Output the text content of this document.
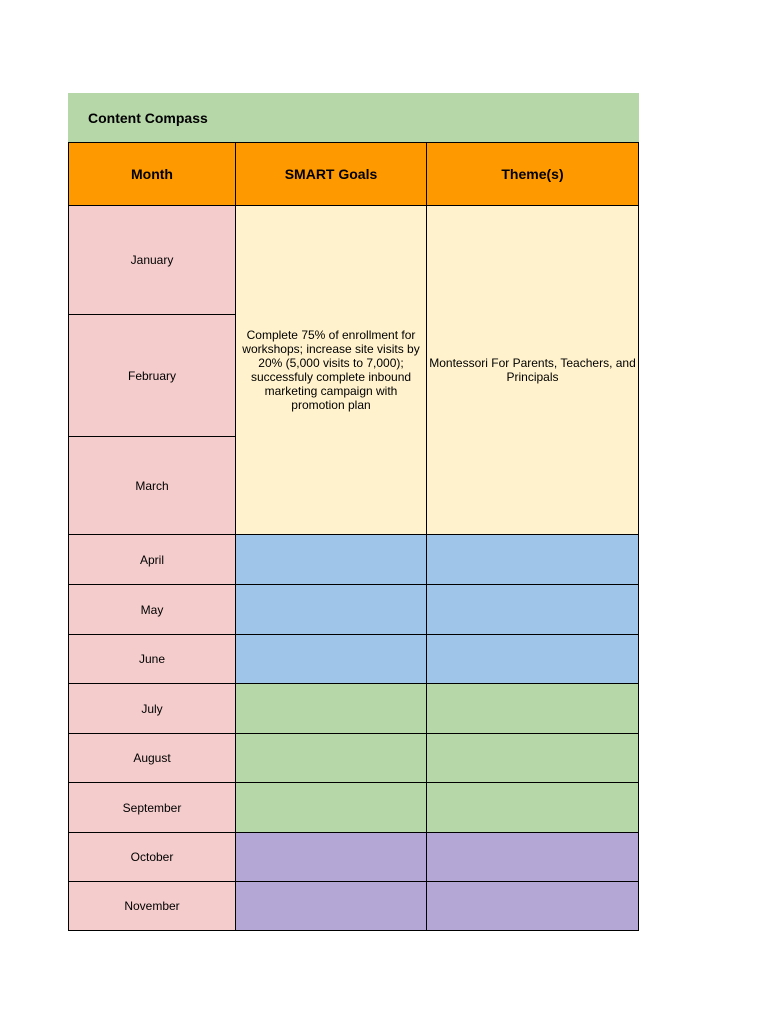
Content Compass
Month	SMART Goals	Theme(s)
January	Complete 75% of enrollment for workshops; increase site visits by 20% (5,000 visits to 7,000); successfuly complete inbound marketing campaign with promotion plan	Montessori For Parents, Teachers, and Principals
February		
March		
April		
May		
June		
July		
August		
September		
October		
November		
